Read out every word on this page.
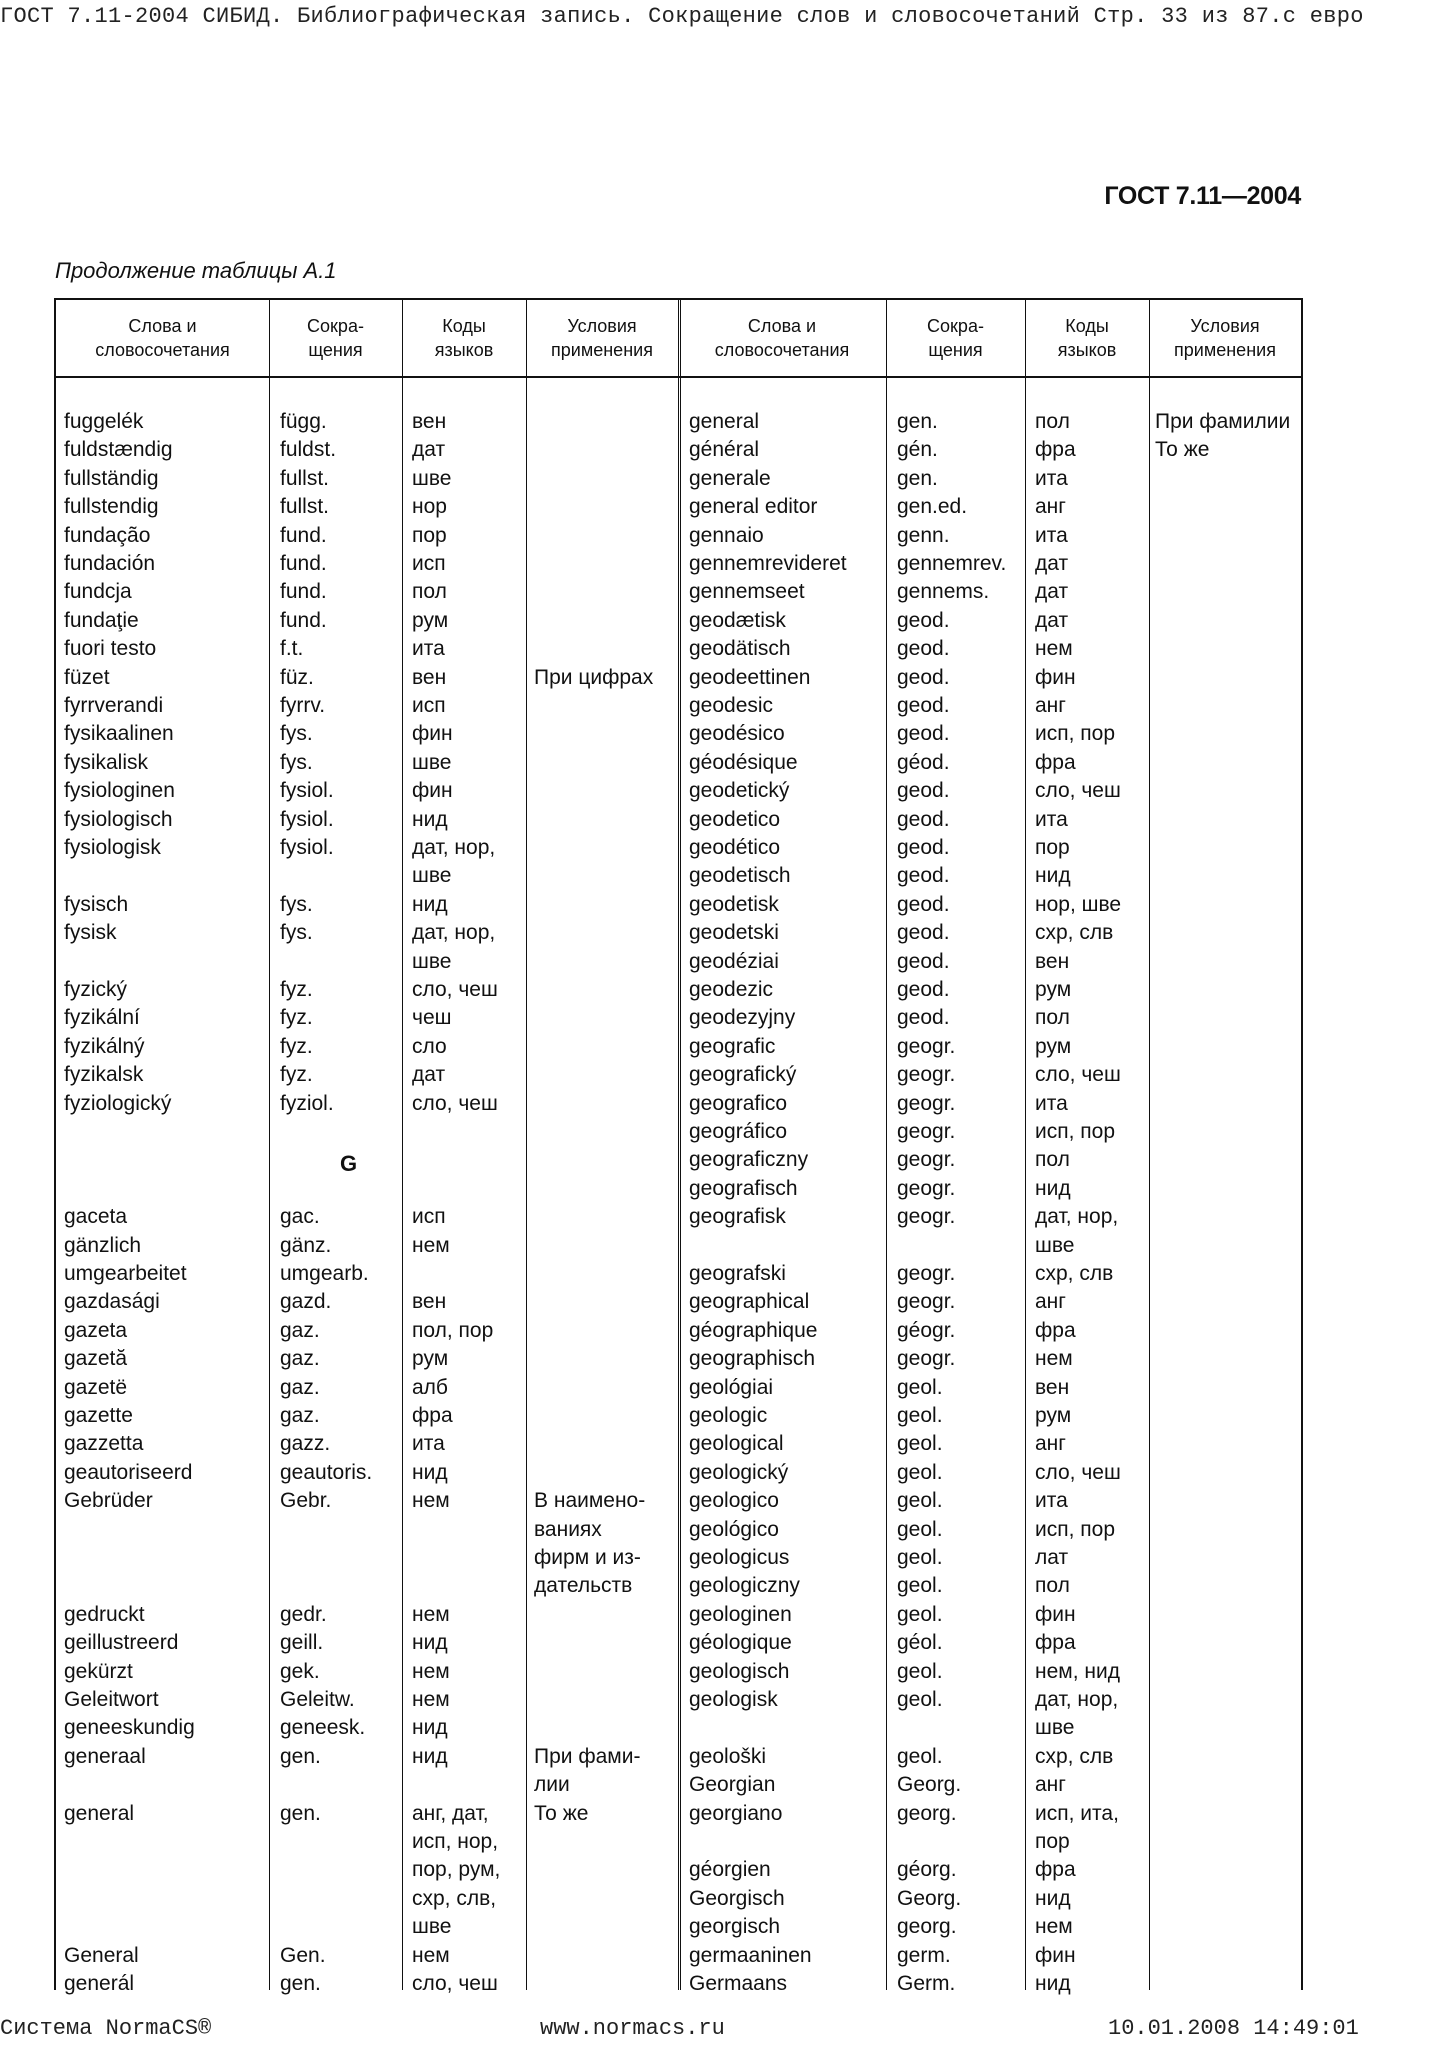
ГОСТ 7.11-2004 СИБИД. Библиографическая запись. Сокращение слов и словосочетаний Стр. 33 из 87.с евро
ГОСТ 7.11—2004
Продолжение таблицы А.1
Слова и
словосочетания
Сокра-
щения
Коды
языков
Условия
применения
Слова и
словосочетания
Сокра-
щения
Коды
языков
Условия
применения
G
fuggelék
fuldstændig
fullständig
fullstendig
fundação
fundación
fundcja
fundaţie
fuori testo
füzet
fyrrverandi
fysikaalinen
fysikalisk
fysiologinen
fysiologisch
fysiologisk
fysisch
fysisk
fyzický
fyzikální
fyzikálný
fyzikalsk
fyziologický
gaceta
gänzlich
umgearbeitet
gazdasági
gazeta
gazetă
gazetë
gazette
gazzetta
geautoriseerd
Gebrüder
gedruckt
geillustreerd
gekürzt
Geleitwort
geneeskundig
generaal
general
General
generál
függ.
fuldst.
fullst.
fullst.
fund.
fund.
fund.
fund.
f.t.
füz.
fyrrv.
fys.
fys.
fysiol.
fysiol.
fysiol.
fys.
fys.
fyz.
fyz.
fyz.
fyz.
fyziol.
gac.
gänz.
umgearb.
gazd.
gaz.
gaz.
gaz.
gaz.
gazz.
geautoris.
Gebr.
gedr.
geill.
gek.
Geleitw.
geneesk.
gen.
gen.
Gen.
gen.
вен
дат
шве
нор
пор
исп
пол
рум
ита
вен
исп
фин
шве
фин
нид
дат, нор,
шве
нид
дат, нор,
шве
сло, чеш
чеш
сло
дат
сло, чеш
исп
нем
вен
пол, пор
рум
алб
фра
ита
нид
нем
нем
нид
нем
нем
нид
нид
анг, дат,
исп, нор,
пор, рум,
схр, слв,
шве
нем
сло, чеш
При цифрах
В наимено-
ваниях
фирм и из-
дательств
При фами-
лии
То же
general
général
generale
general editor
gennaio
gennemrevideret
gennemseet
geodætisk
geodätisch
geodeettinen
geodesic
geodésico
géodésique
geodetický
geodetico
geodético
geodetisch
geodetisk
geodetski
geodéziai
geodezic
geodezyjny
geografic
geografický
geografico
geográfico
geograficzny
geografisch
geografisk
geografski
geographical
géographique
geographisch
geológiai
geologic
geological
geologický
geologico
geológico
geologicus
geologiczny
geologinen
géologique
geologisch
geologisk
geološki
Georgian
georgiano
géorgien
Georgisch
georgisch
germaaninen
Germaans
gen.
gén.
gen.
gen.ed.
genn.
gennemrev.
gennems.
geod.
geod.
geod.
geod.
geod.
géod.
geod.
geod.
geod.
geod.
geod.
geod.
geod.
geod.
geod.
geogr.
geogr.
geogr.
geogr.
geogr.
geogr.
geogr.
geogr.
geogr.
géogr.
geogr.
geol.
geol.
geol.
geol.
geol.
geol.
geol.
geol.
geol.
géol.
geol.
geol.
geol.
Georg.
georg.
géorg.
Georg.
georg.
germ.
Germ.
пол
фра
ита
анг
ита
дат
дат
дат
нем
фин
анг
исп, пор
фра
сло, чеш
ита
пор
нид
нор, шве
схр, слв
вен
рум
пол
рум
сло, чеш
ита
исп, пор
пол
нид
дат, нор,
шве
схр, слв
анг
фра
нем
вен
рум
анг
сло, чеш
ита
исп, пор
лат
пол
фин
фра
нем, нид
дат, нор,
шве
схр, слв
анг
исп, ита,
пор
фра
нид
нем
фин
нид
При фамилии
То же
Система NormaCS®	www.normacs.ru	10.01.2008 14:49:01
